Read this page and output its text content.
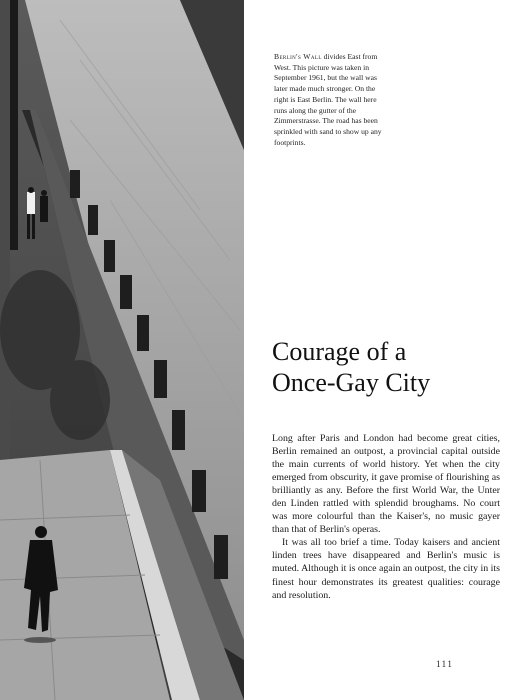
Berlin's Wall divides East from West. This picture was taken in September 1961, but the wall was later made much stronger. On the right is East Berlin. The wall here runs along the gutter of the Zimmerstrasse. The road has been sprinkled with sand to show up any footprints.
Courage of a
Once-Gay City

Long after Paris and London had become great cities, Berlin remained an outpost, a provincial capital outside the main currents of world history. Yet when the city emerged from obscurity, it gave promise of flourishing as brilliantly as any. Before the first World War, the Unter den Linden rattled with splendid broughams. No court was more colourful than the Kaiser's, no music gayer than that of Berlin's operas.

It was all too brief a time. Today kaisers and ancient linden trees have disappeared and Berlin's music is muted. Although it is once again an outpost, the city in its finest hour demonstrates its greatest qualities: courage and resolution.

111
